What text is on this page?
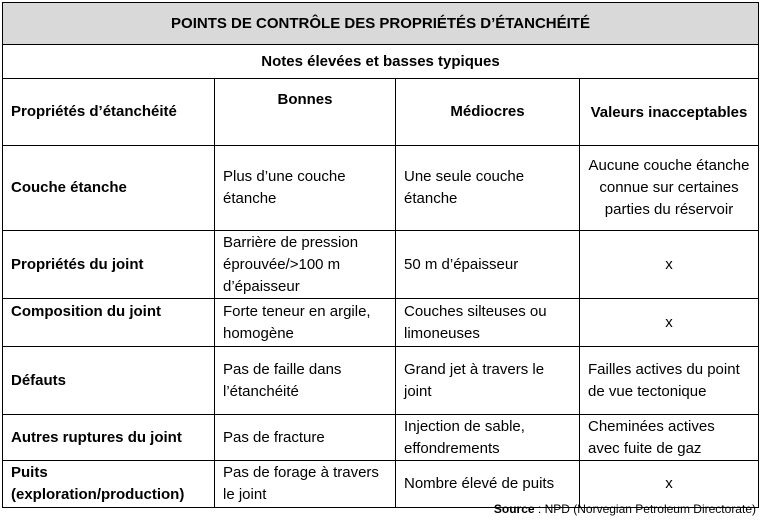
POINTS DE CONTRÔLE DES PROPRIÉTÉS D’ÉTANCHÉITÉ			
Notes élevées et basses typiques			
Propriétés d’étanchéité	Bonnes	Médiocres	Valeurs inacceptables
Couche étanche	Plus d’une couche étanche	Une seule couche étanche	Aucune couche étanche connue sur certaines parties du réservoir
Propriétés du joint	Barrière de pression éprouvée/>100 m d’épaisseur	50 m d’épaisseur	x
Composition du joint	Forte teneur en argile, homogène	Couches silteuses ou limoneuses	x
Défauts	Pas de faille dans l’étanchéité	Grand jet à travers le joint	Failles actives du point de vue tectonique
Autres ruptures du joint	Pas de fracture	Injection de sable, effondrements	Cheminées actives avec fuite de gaz
Puits (exploration/production)	Pas de forage à travers le joint	Nombre élevé de puits	x
Source : NPD (Norvegian Petroleum Directorate)
